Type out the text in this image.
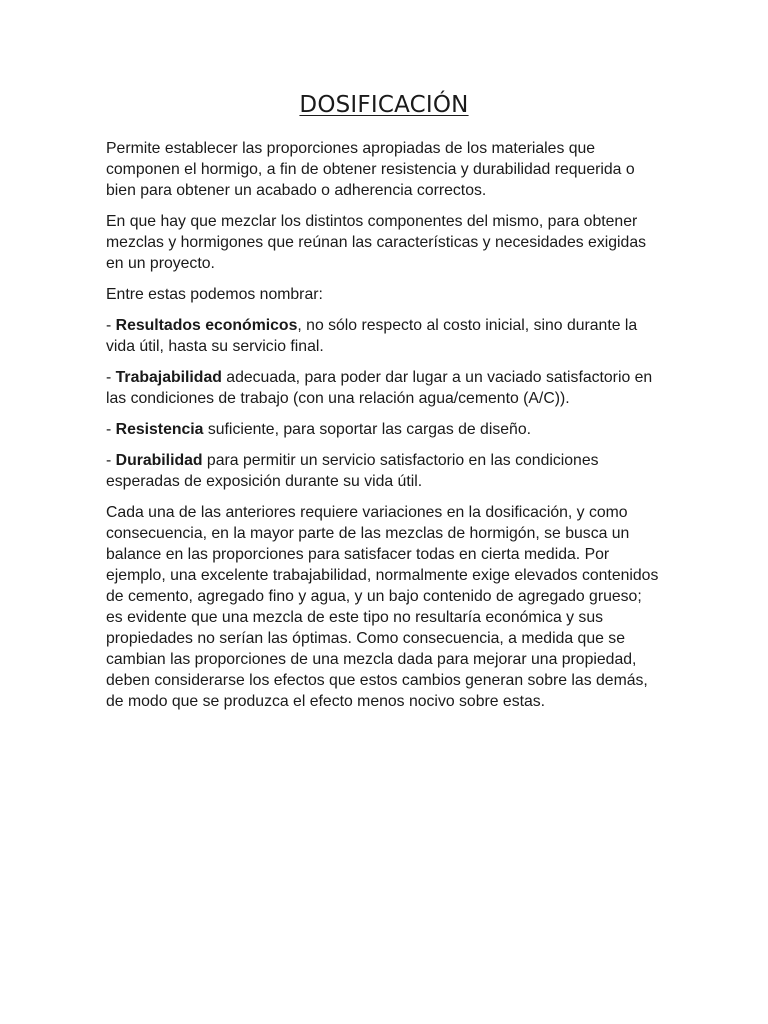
DOSIFICACIÓN

Permite establecer las proporciones apropiadas de los materiales que componen el hormigo, a fin de obtener resistencia y durabilidad requerida o bien para obtener un acabado o adherencia correctos.

En que hay que mezclar los distintos componentes del mismo, para obtener mezclas y hormigones que reúnan las características y necesidades exigidas en un proyecto.

Entre estas podemos nombrar:

- Resultados económicos, no sólo respecto al costo inicial, sino durante la vida útil, hasta su servicio final.

- Trabajabilidad adecuada, para poder dar lugar a un vaciado satisfactorio en las condiciones de trabajo (con una relación agua/cemento (A/C)).

- Resistencia suficiente, para soportar las cargas de diseño.

- Durabilidad para permitir un servicio satisfactorio en las condiciones esperadas de exposición durante su vida útil.

Cada una de las anteriores requiere variaciones en la dosificación, y como consecuencia, en la mayor parte de las mezclas de hormigón, se busca un balance en las proporciones para satisfacer todas en cierta medida. Por ejemplo, una excelente trabajabilidad, normalmente exige elevados contenidos de cemento, agregado fino y agua, y un bajo contenido de agregado grueso; es evidente que una mezcla de este tipo no resultaría económica y sus propiedades no serían las óptimas. Como consecuencia, a medida que se cambian las proporciones de una mezcla dada para mejorar una propiedad, deben considerarse los efectos que estos cambios generan sobre las demás, de modo que se produzca el efecto menos nocivo sobre estas.
